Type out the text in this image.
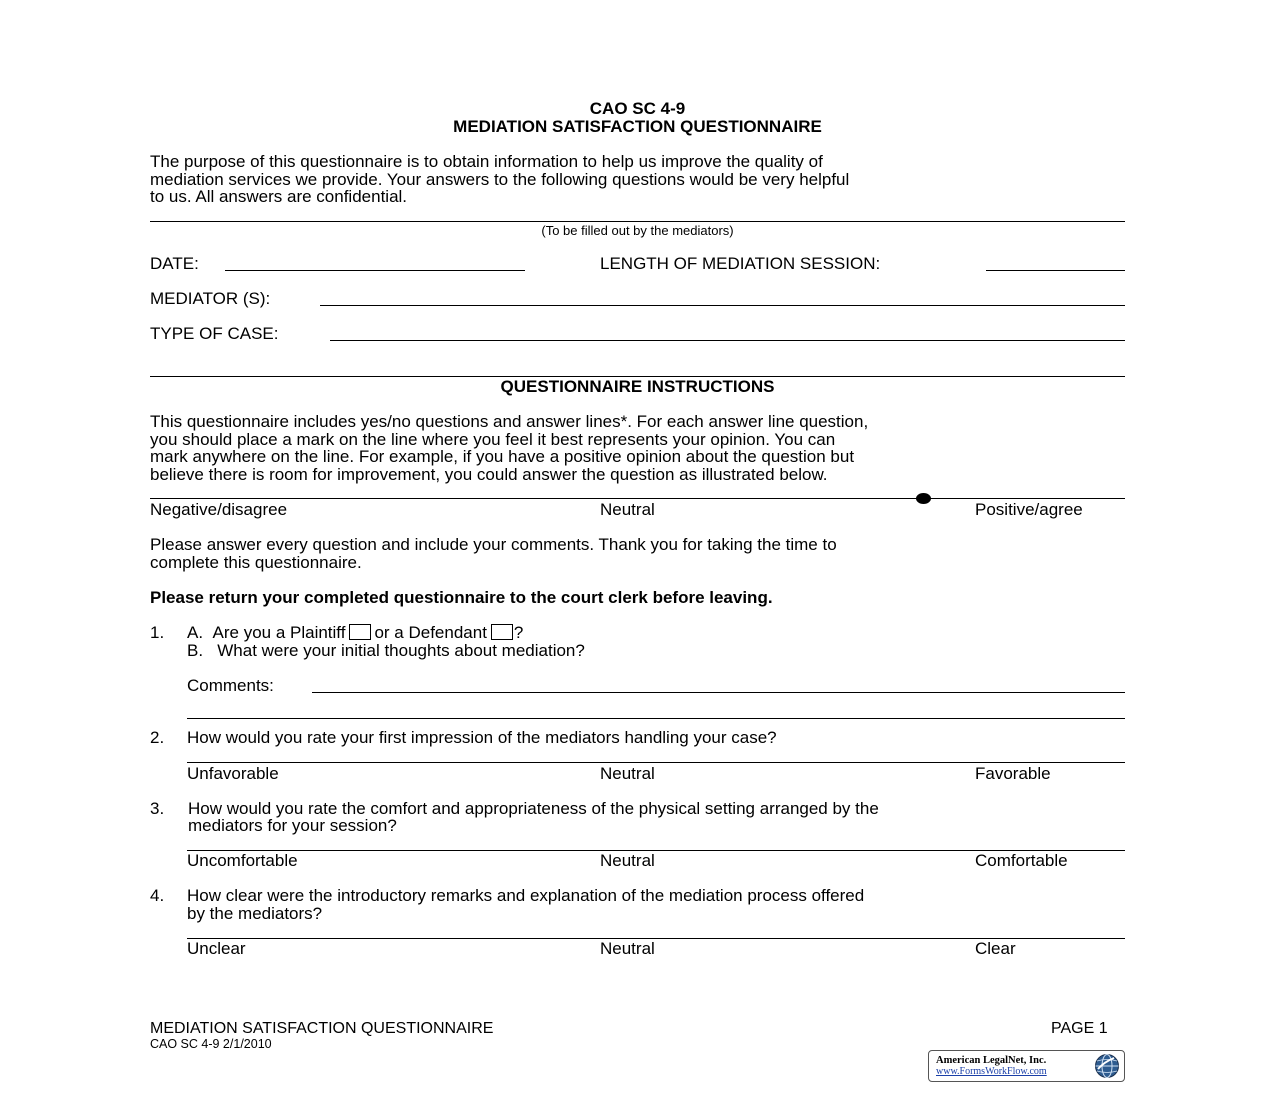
CAO SC 4-9
MEDIATION SATISFACTION QUESTIONNAIRE
The purpose of this questionnaire is to obtain information to help us improve the quality of
mediation services we provide. Your answers to the following questions would be very helpful
to us. All answers are confidential.
(To be filled out by the mediators)
DATE:	LENGTH OF MEDIATION SESSION:
MEDIATOR (S):
TYPE OF CASE:
QUESTIONNAIRE INSTRUCTIONS
This questionnaire includes yes/no questions and answer lines*. For each answer line question,
you should place a mark on the line where you feel it best represents your opinion. You can
mark anywhere on the line. For example, if you have a positive opinion about the question but
believe there is room for improvement, you could answer the question as illustrated below.
Negative/disagree	Neutral	Positive/agree
Please answer every question and include your comments. Thank you for taking the time to
complete this questionnaire.
Please return your completed questionnaire to the court clerk before leaving.
1. A. Are you a Plaintiff or a Defendant ?
B. What were your initial thoughts about mediation?
Comments:
2. How would you rate your first impression of the mediators handling your case?
Unfavorable	Neutral	Favorable
3. How would you rate the comfort and appropriateness of the physical setting arranged by the
mediators for your session?
Uncomfortable	Neutral	Comfortable
4. How clear were the introductory remarks and explanation of the mediation process offered
by the mediators?
Unclear	Neutral	Clear
MEDIATION SATISFACTION QUESTIONNAIRE	PAGE 1
CAO SC 4-9 2/1/2010
American LegalNet, Inc.
www.FormsWorkFlow.com
